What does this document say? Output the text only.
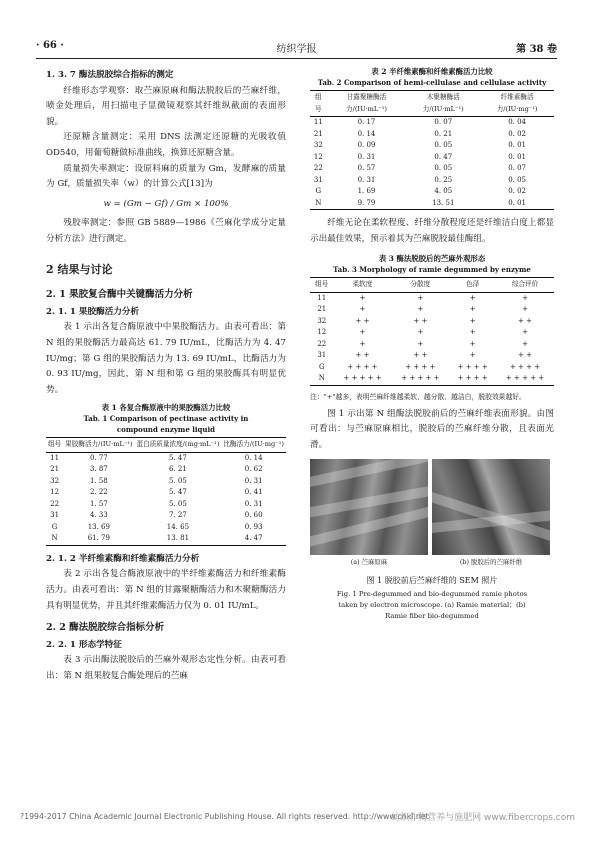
· 66 ·	纺织学报	第 38 卷
1. 3. 7 酶法脱胶综合指标的测定
纤维形态学观察：取苎麻原麻和酶法脱胶后的苎麻纤维，喷金处理后，用扫描电子显微镜观察其纤维纵截面的表面形貌。
还原糖含量测定：采用 DNS 法测定还原糖的光吸收值 OD540，用葡萄糖做标准曲线，换算还原糖含量。
质量损失率测定：设原料麻的质量为 Gm，发酵麻的质量为 Gf，质量损失率（w）的计算公式[13]为
w = (Gm − Gf) / Gm × 100%
残胶率测定：参照 GB 5889—1986《苎麻化学成分定量分析方法》进行测定。
2 结果与讨论
2. 1 果胶复合酶中关键酶活力分析
2. 1. 1 果胶酶活力分析
表 1 示出各复合酶原液中中果胶酶活力。由表可看出：第 N 组的果胶酶活力最高达 61. 79 IU/mL，比酶活力为 4. 47 IU/mg；第 G 组的果胶酶活力为 13. 69 IU/mL，比酶活力为 0. 93 IU/mg，因此，第 N 组和第 G 组的果胶酶具有明显优势。
表 1 各复合酶原液中的果胶酶活力比较
Tab. 1 Comparison of pectinase activity in
compound enzyme liquid
组号	果胶酶活力/(IU·mL⁻¹)	蛋白质质量浓度/(mg·mL⁻¹)	比酶活力/(IU·mg⁻¹)
11	0. 77	5. 47	0. 14
21	3. 87	6. 21	0. 62
32	1. 58	5. 05	0. 31
12	2. 22	5. 47	0. 41
22	1. 57	5. 05	0. 31
31	4. 33	7. 27	0. 60
G	13. 69	14. 65	0. 93
N	61. 79	13. 81	4. 47
2. 1. 2 半纤维素酶和纤维素酶活力分析
表 2 示出各复合酶液原液中的半纤维素酶活力和纤维素酶活力。由表可看出：第 N 组的甘露聚糖酶活力和木聚糖酶活力具有明显优势，并且其纤维素酶活力仅为 0. 01 IU/mL。
2. 2 酶法脱胶综合指标分析
2. 2. 1 形态学特征
表 3 示出酶法脱胶后的苎麻外观形态定性分析。由表可看出：第 N 组果胶复合酶处理后的苎麻
表 2 半纤维素酶和纤维素酶活力比较
Tab. 2 Comparison of hemi-cellulase and cellulase activity
组号	甘露聚糖酶活力/(IU·mL⁻¹)	木聚糖酶活力/(IU·mL⁻¹)	纤维素酶活力/(IU·mg⁻¹)
11	0. 17	0. 07	0. 04
21	0. 14	0. 21	0. 02
32	0. 09	0. 05	0. 01
12	0. 31	0. 47	0. 01
22	0. 57	0. 05	0. 07
31	0. 31	0. 25	0. 05
G	1. 69	4. 05	0. 02
N	9. 79	13. 51	0. 01
纤维无论在柔软程度、纤维分散程度还是纤维洁白度上都显示出最佳效果，预示着其为苎麻脱胶最佳酶组。
表 3 酶法脱胶后的苎麻外观形态
Tab. 3 Morphology of ramie degummed by enzyme
组号	柔软度	分散度	色泽	综合评价
11	+	+	+	+
21	+	+	+	+
32	+ +	+ +	+	+ +
12	+	+	+	+
22	+	+	+	+
31	+ +	+ +	+	+ +
G	+ + + +	+ + + +	+ + + +	+ + + +
N	+ + + + +	+ + + + +	+ + + +	+ + + + +
注："+"越多，表明苎麻纤维越柔软、越分散、越洁白，脱胶效果越好。
图 1 示出第 N 组酶法脱胶前后的苎麻纤维表面形貌。由图可看出：与苎麻原麻相比，脱胶后的苎麻纤维分散，且表面光滑。
(a) 苎麻原麻	(b) 脱胶后的苎麻纤维
图 1 脱胶前后苎麻纤维的 SEM 照片
Fig. 1 Pre-degummed and bio-degummed ramie photos
taken by electron microscope. (a) Ramie material；(b)
Ramie fiber bio-degummed
?1994-2017 China Academic Journal Electronic Publishing House. All rights reserved. http://www.cnki.net
纺织作物营养与施肥网 www.fibercrops.com
